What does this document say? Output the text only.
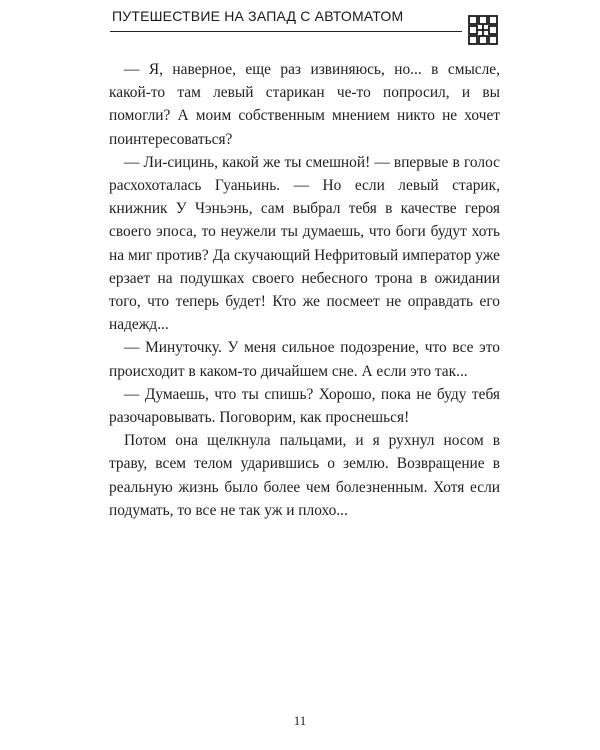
ПУТЕШЕСТВИЕ НА ЗАПАД С АВТОМАТОМ

— Я, наверное, еще раз извиняюсь, но... в смысле, какой-то там левый старикан че-то попросил, и вы помогли? А моим собственным мнением никто не хочет поинтересоваться?

— Ли-сицинь, какой же ты смешной! — впервые в голос расхохоталась Гуаньинь. — Но если левый старик, книжник У Чэньэнь, сам выбрал тебя в качестве героя своего эпоса, то неужели ты думаешь, что боги будут хоть на миг против? Да скучающий Нефритовый император уже ерзает на подушках своего небесного трона в ожидании того, что теперь будет! Кто же посмеет не оправдать его надежд...

— Минуточку. У меня сильное подозрение, что все это происходит в каком-то дичайшем сне. А если это так...

— Думаешь, что ты спишь? Хорошо, пока не буду тебя разочаровывать. Поговорим, как проснешься!

Потом она щелкнула пальцами, и я рухнул носом в траву, всем телом ударившись о землю. Возвращение в реальную жизнь было более чем болезненным. Хотя если подумать, то все не так уж и плохо...

11
